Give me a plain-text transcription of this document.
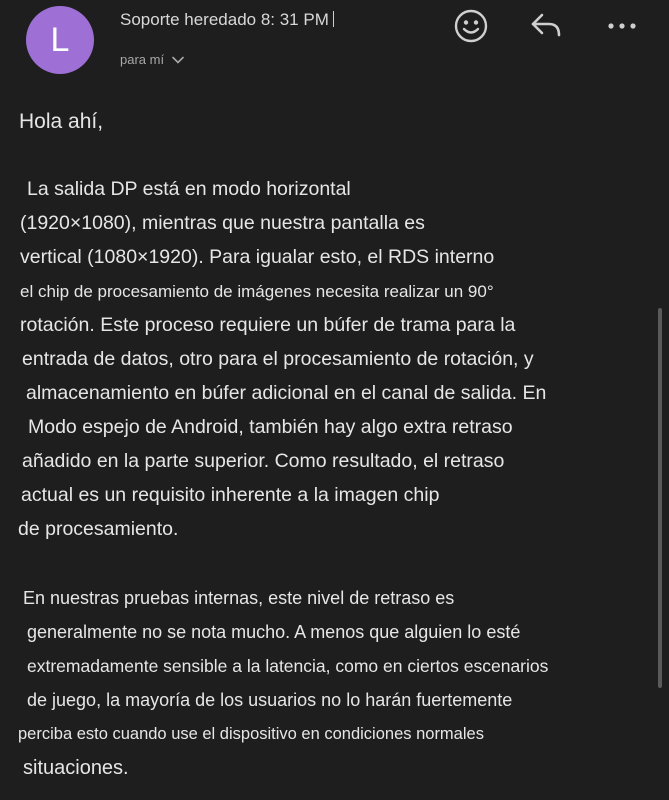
L
Soporte heredado 8: 31 PM
para mí
Hola ahí,
La salida DP está en modo horizontal
(1920×1080), mientras que nuestra pantalla es
vertical (1080×1920). Para igualar esto, el RDS interno
el chip de procesamiento de imágenes necesita realizar un 90°
rotación. Este proceso requiere un búfer de trama para la
entrada de datos, otro para el procesamiento de rotación, y
almacenamiento en búfer adicional en el canal de salida. En
Modo espejo de Android, también hay algo extra retraso
añadido en la parte superior. Como resultado, el retraso
actual es un requisito inherente a la imagen chip
de procesamiento.
En nuestras pruebas internas, este nivel de retraso es
generalmente no se nota mucho. A menos que alguien lo esté
extremadamente sensible a la latencia, como en ciertos escenarios
de juego, la mayoría de los usuarios no lo harán fuertemente
perciba esto cuando use el dispositivo en condiciones normales
situaciones.
